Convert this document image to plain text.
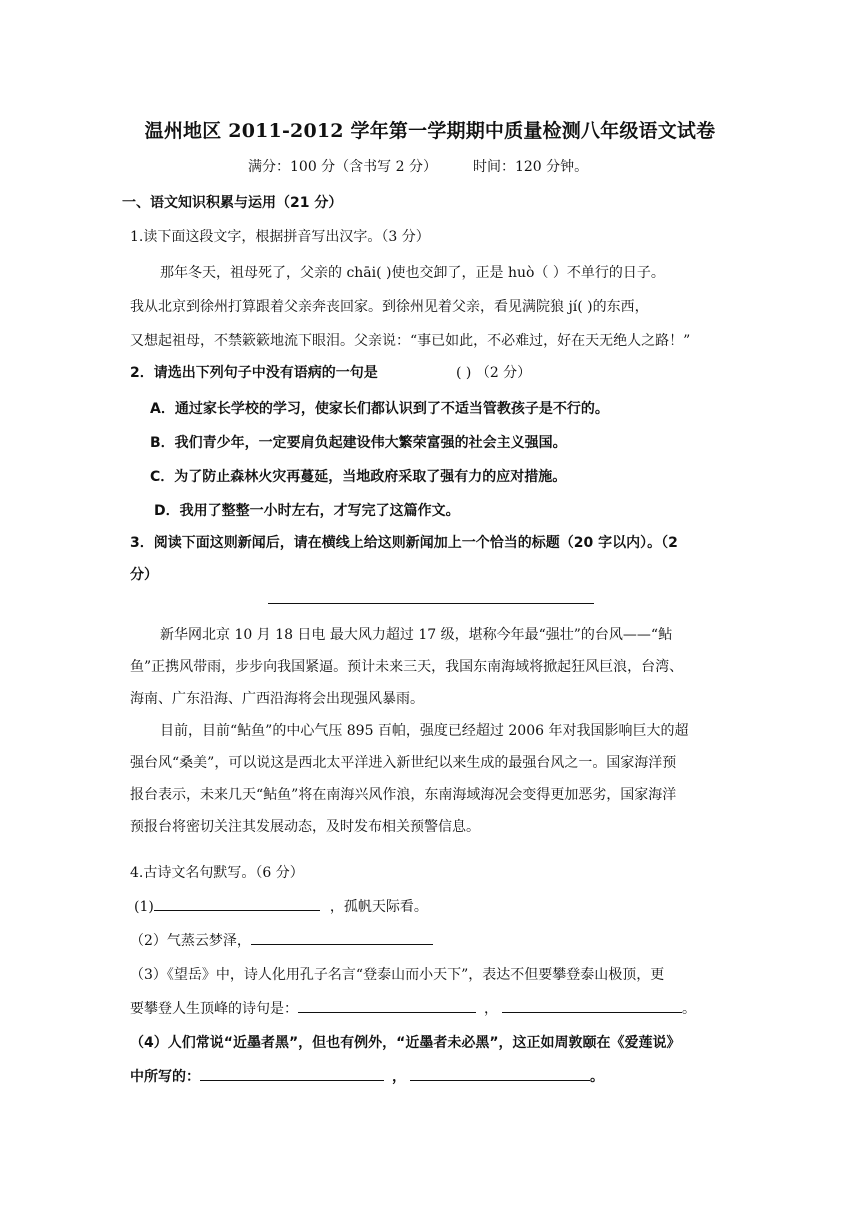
温州地区 2011-2012 学年第一学期期中质量检测八年级语文试卷
满分：100 分（含书写 2 分）	时间：120 分钟。
一、语文知识积累与运用（21 分）
1.读下面这段文字，根据拼音写出汉字。（3 分）
那年冬天，祖母死了，父亲的 chāi( )使也交卸了，正是 huò（ ）不单行的日子。
我从北京到徐州打算跟着父亲奔丧回家。到徐州见着父亲，看见满院狼 jí( )的东西，
又想起祖母，不禁簌簌地流下眼泪。父亲说：“事已如此，不必难过，好在天无绝人之路！”
2．请选出下列句子中没有语病的一句是	( ) （2 分）
A．通过家长学校的学习，使家长们都认识到了不适当管教孩子是不行的。
B．我们青少年，一定要肩负起建设伟大繁荣富强的社会主义强国。
C．为了防止森林火灾再蔓延，当地政府采取了强有力的应对措施。
D．我用了整整一小时左右，才写完了这篇作文。
3．阅读下面这则新闻后，请在横线上给这则新闻加上一个恰当的标题（20 字以内）。（2
分）
新华网北京 10 月 18 日电 最大风力超过 17 级，堪称今年最“强壮”的台风——“鲇
鱼”正携风带雨，步步向我国紧逼。预计未来三天，我国东南海域将掀起狂风巨浪，台湾、
海南、广东沿海、广西沿海将会出现强风暴雨。
目前，目前“鲇鱼”的中心气压 895 百帕，强度已经超过 2006 年对我国影响巨大的超
强台风“桑美”，可以说这是西北太平洋进入新世纪以来生成的最强台风之一。国家海洋预
报台表示，未来几天“鲇鱼”将在南海兴风作浪，东南海域海况会变得更加恶劣，国家海洋
预报台将密切关注其发展动态，及时发布相关预警信息。
4.古诗文名句默写。（6 分）
(1)	，孤帆天际看。
（2）气蒸云梦泽，
（3）《望岳》中，诗人化用孔子名言“登泰山而小天下”，表达不但要攀登泰山极顶，更
要攀登人生顶峰的诗句是：	，	。
（4）人们常说“近墨者黑”，但也有例外，“近墨者未必黑”，这正如周敦颐在《爱莲说》
中所写的：	，	。
